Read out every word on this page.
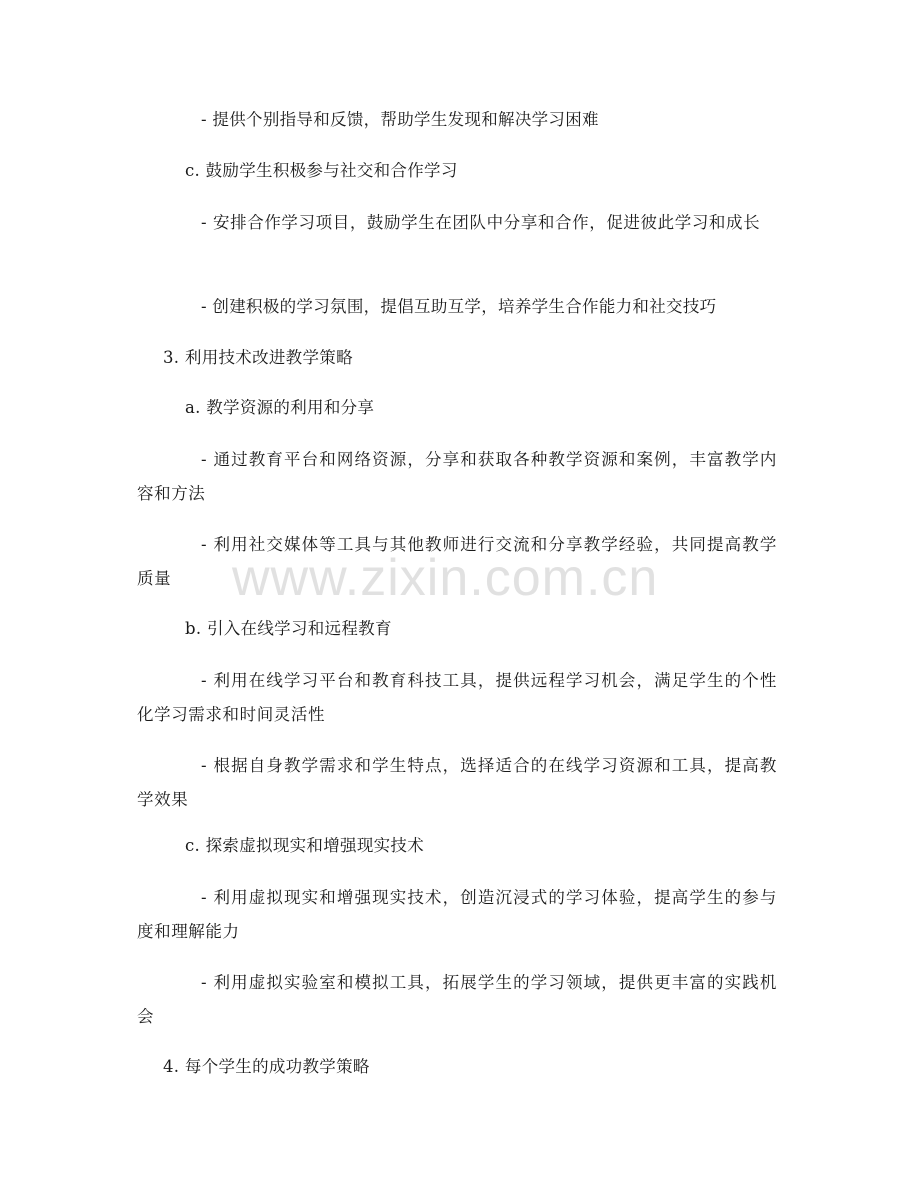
- 提供个别指导和反馈，帮助学生发现和解决学习困难
c. 鼓励学生积极参与社交和合作学习
- 安排合作学习项目，鼓励学生在团队中分享和合作，促进彼此学习和成长
- 创建积极的学习氛围，提倡互助互学，培养学生合作能力和社交技巧
3. 利用技术改进教学策略
a. 教学资源的利用和分享
- 通过教育平台和网络资源，分享和获取各种教学资源和案例，丰富教学内容和方法
- 利用社交媒体等工具与其他教师进行交流和分享教学经验，共同提高教学质量
b. 引入在线学习和远程教育
- 利用在线学习平台和教育科技工具，提供远程学习机会，满足学生的个性化学习需求和时间灵活性
- 根据自身教学需求和学生特点，选择适合的在线学习资源和工具，提高教学效果
c. 探索虚拟现实和增强现实技术
- 利用虚拟现实和增强现实技术，创造沉浸式的学习体验，提高学生的参与度和理解能力
- 利用虚拟实验室和模拟工具，拓展学生的学习领域，提供更丰富的实践机会
4. 每个学生的成功教学策略
www.zixin.com.cn
